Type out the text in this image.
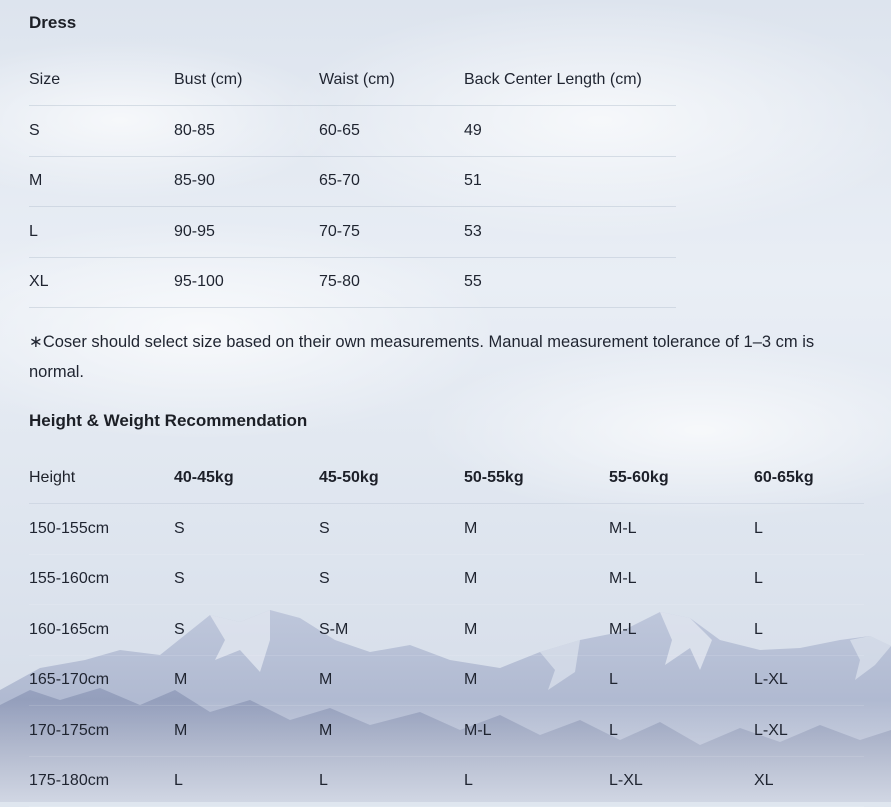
Dress
Size	Bust (cm)	Waist (cm)	Back Center Length (cm)
S	80-85	60-65	49
M	85-90	65-70	51
L	90-95	70-75	53
XL	95-100	75-80	55
∗Coser should select size based on their own measurements. Manual measurement tolerance of 1–3 cm is normal.
Height & Weight Recommendation
Height	40-45kg	45-50kg	50-55kg	55-60kg	60-65kg
150-155cm	S	S	M	M-L	L
155-160cm	S	S	M	M-L	L
160-165cm	S	S-M	M	M-L	L
165-170cm	M	M	M	L	L-XL
170-175cm	M	M	M-L	L	L-XL
175-180cm	L	L	L	L-XL	XL
